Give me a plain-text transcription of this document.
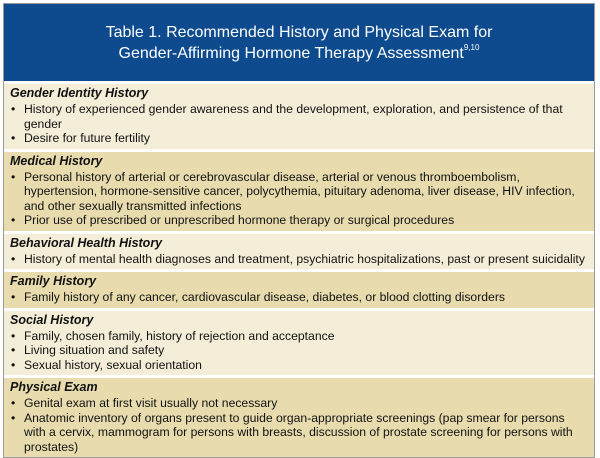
Table 1. Recommended History and Physical Exam for
Gender-Affirming Hormone Therapy Assessment$^{9,10}$
Gender Identity History
• History of experienced gender awareness and the development, exploration, and persistence of that gender
• Desire for future fertility
Medical History
• Personal history of arterial or cerebrovascular disease, arterial or venous thromboembolism, hypertension, hormone-sensitive cancer, polycythemia, pituitary adenoma, liver disease, HIV infection, and other sexually transmitted infections
• Prior use of prescribed or unprescribed hormone therapy or surgical procedures
Behavioral Health History
• History of mental health diagnoses and treatment, psychiatric hospitalizations, past or present suicidality
Family History
• Family history of any cancer, cardiovascular disease, diabetes, or blood clotting disorders
Social History
• Family, chosen family, history of rejection and acceptance
• Living situation and safety
• Sexual history, sexual orientation
Physical Exam
• Genital exam at first visit usually not necessary
• Anatomic inventory of organs present to guide organ-appropriate screenings (pap smear for persons with a cervix, mammogram for persons with breasts, discussion of prostate screening for persons with prostates)
